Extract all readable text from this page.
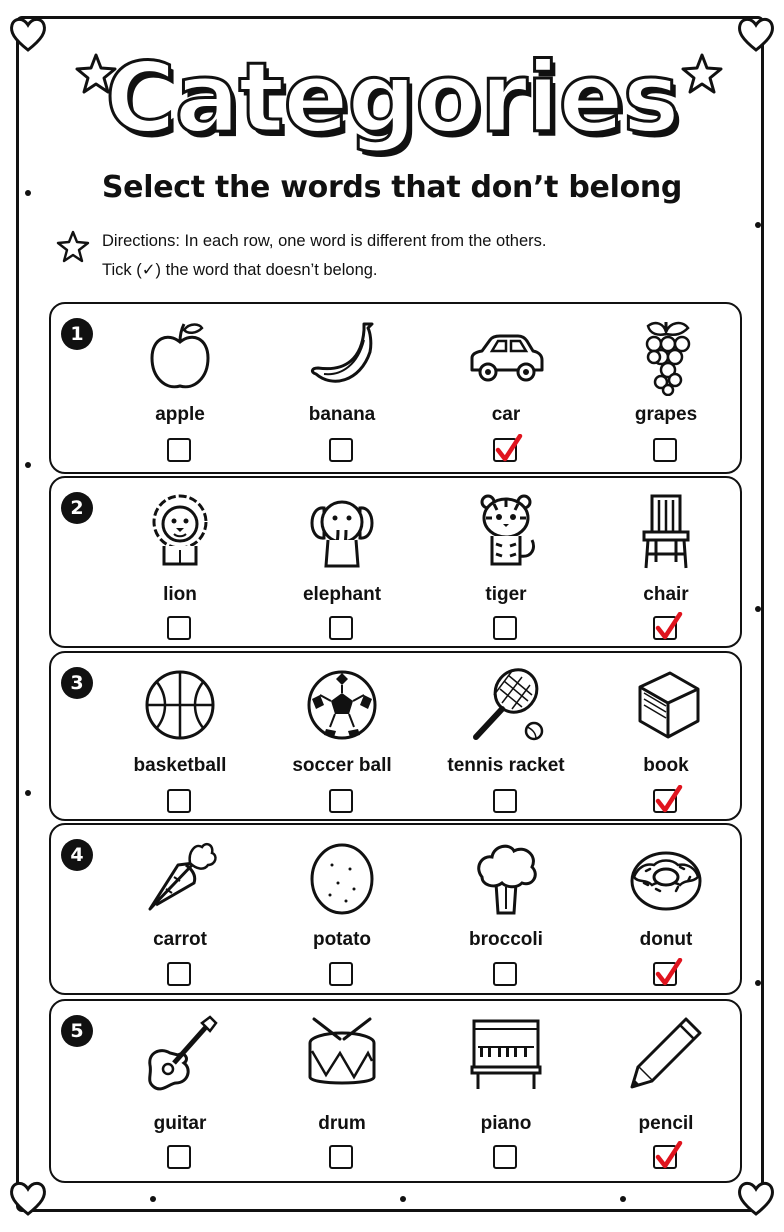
Categories
Select the words that don’t belong
Directions: In each row, one word is different from the others.
Tick (✓) the word that doesn’t belong.
1
apple	banana	car	grapes
2
lion	elephant	tiger	chair
3
basketball	soccer ball	tennis racket	book
4
carrot	potato	broccoli	donut
5
guitar	drum	piano	pencil
